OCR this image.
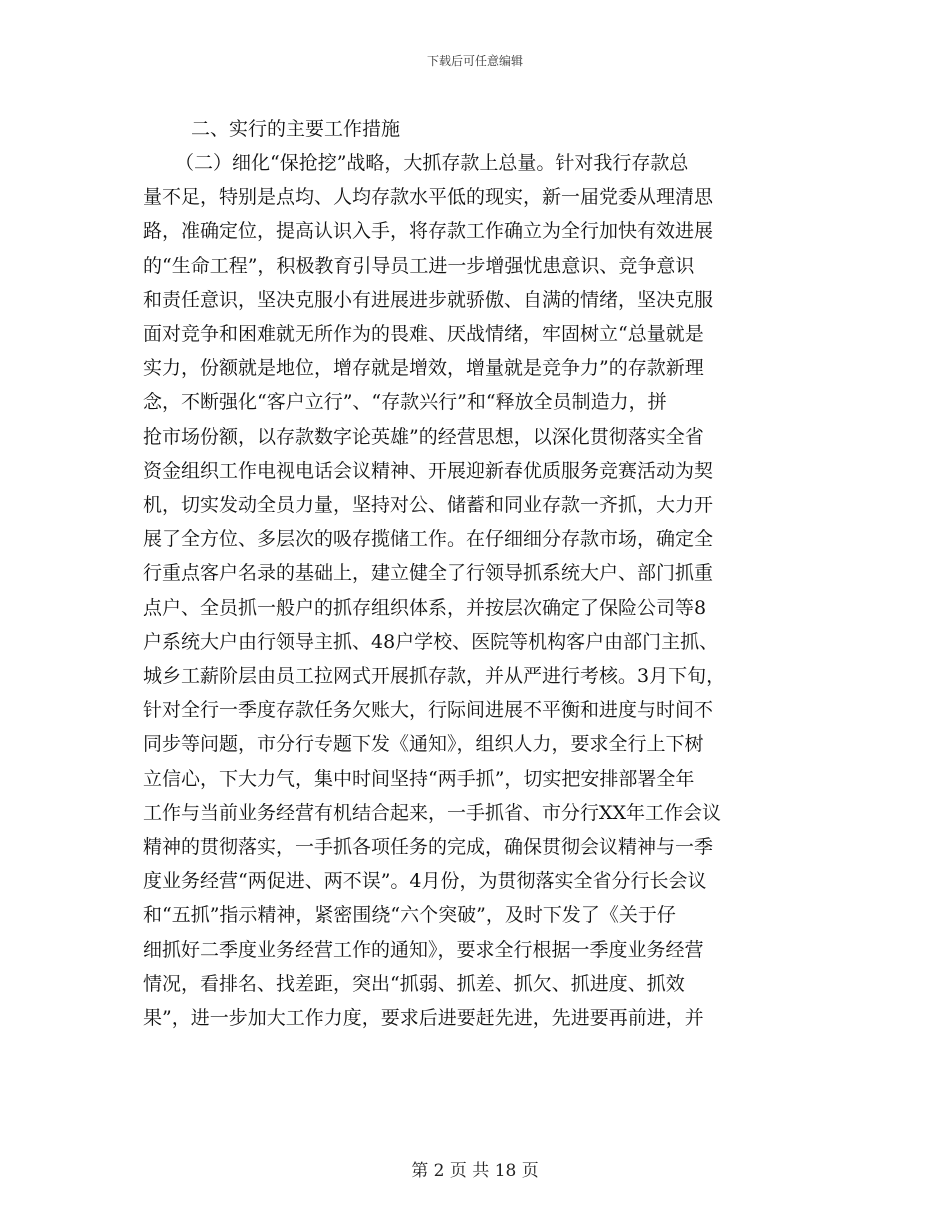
下载后可任意编辑
二、实行的主要工作措施
（二）细化“保抢挖”战略，大抓存款上总量。针对我行存款总
量不足，特别是点均、人均存款水平低的现实，新一届党委从理清思
路，准确定位，提高认识入手，将存款工作确立为全行加快有效进展
的“生命工程”，积极教育引导员工进一步增强忧患意识、竞争意识
和责任意识，坚决克服小有进展进步就骄傲、自满的情绪，坚决克服
面对竞争和困难就无所作为的畏难、厌战情绪，牢固树立“总量就是
实力，份额就是地位，增存就是增效，增量就是竞争力”的存款新理
念，不断强化“客户立行”、“存款兴行”和“释放全员制造力，拼
抢市场份额，以存款数字论英雄”的经营思想，以深化贯彻落实全省
资金组织工作电视电话会议精神、开展迎新春优质服务竞赛活动为契
机，切实发动全员力量，坚持对公、储蓄和同业存款一齐抓，大力开
展了全方位、多层次的吸存揽储工作。在仔细细分存款市场，确定全
行重点客户名录的基础上，建立健全了行领导抓系统大户、部门抓重
点户、全员抓一般户的抓存组织体系，并按层次确定了保险公司等8
户系统大户由行领导主抓、48户学校、医院等机构客户由部门主抓、
城乡工薪阶层由员工拉网式开展抓存款，并从严进行考核。3月下旬，
针对全行一季度存款任务欠账大，行际间进展不平衡和进度与时间不
同步等问题，市分行专题下发《通知》，组织人力，要求全行上下树
立信心，下大力气，集中时间坚持“两手抓”，切实把安排部署全年
工作与当前业务经营有机结合起来，一手抓省、市分行XX年工作会议
精神的贯彻落实，一手抓各项任务的完成，确保贯彻会议精神与一季
度业务经营“两促进、两不误”。4月份，为贯彻落实全省分行长会议
和“五抓”指示精神，紧密围绕“六个突破”，及时下发了《关于仔
细抓好二季度业务经营工作的通知》，要求全行根据一季度业务经营
情况，看排名、找差距，突出“抓弱、抓差、抓欠、抓进度、抓效
果”，进一步加大工作力度，要求后进要赶先进，先进要再前进，并
第 2 页 共 18 页
